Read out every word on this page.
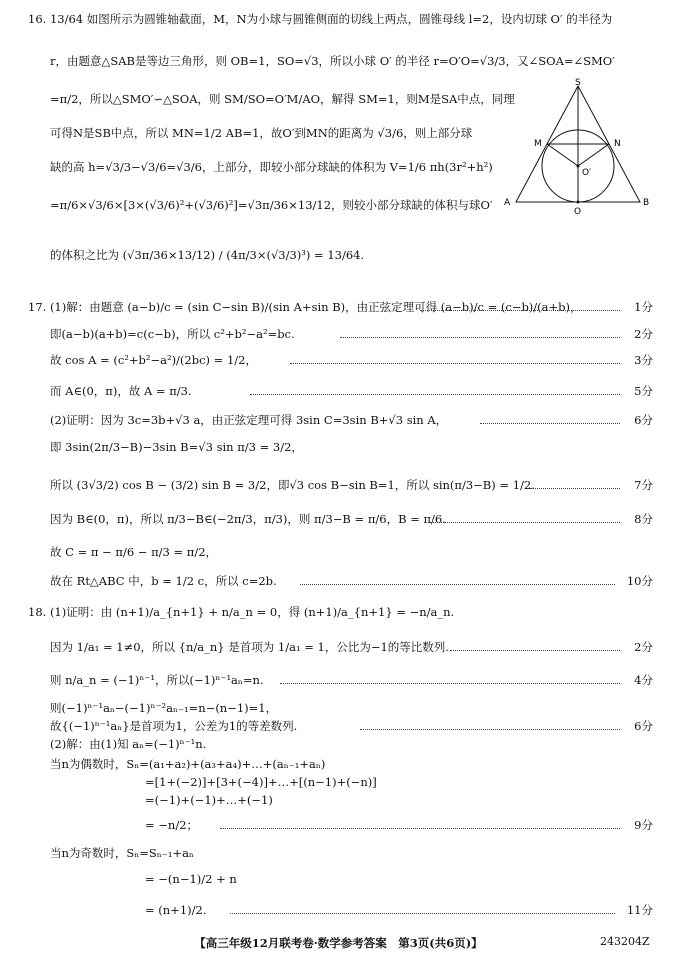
16. 13/64 如图所示为圆锥轴截面，M，N为小球与圆锥侧面的切线上两点，圆锥母线 l=2，设内切球 O′ 的半径为
r，由题意△SAB是等边三角形，则 OB=1，SO=√3，所以小球 O′ 的半径 r=O′O=√3/3，又∠SOA=∠SMO′
=π/2，所以△SMO′∽△SOA，则 SM/SO=O′M/AO，解得 SM=1，则M是SA中点，同理
可得N是SB中点，所以 MN=1/2 AB=1，故O′到MN的距离为 √3/6，则上部分球
缺的高 h=√3/3−√3/6=√3/6，上部分，即较小部分球缺的体积为 V=1/6 πh(3r²+h²)
=π/6×√3/6×[3×(√3/6)²+(√3/6)²]=√3π/36×13/12，则较小部分球缺的体积与球O′
的体积之比为 (√3π/36×13/12) / (4π/3×(√3/3)³) = 13/64.
S
M	N
O′
A
O
B
17. (1)解：由题意 (a−b)/c = (sin C−sin B)/(sin A+sin B)，由正弦定理可得 (a−b)/c = (c−b)/(a+b)，	1分
即(a−b)(a+b)=c(c−b)，所以 c²+b²−a²=bc.	2分
故 cos A = (c²+b²−a²)/(2bc) = 1/2，	3分
而 A∈(0，π)，故 A = π/3.	5分
(2)证明：因为 3c=3b+√3 a，由正弦定理可得 3sin C=3sin B+√3 sin A，	6分
即 3sin(2π/3−B)−3sin B=√3 sin π/3 = 3/2，
所以 (3√3/2) cos B − (3/2) sin B = 3/2，即√3 cos B−sin B=1，所以 sin(π/3−B) = 1/2.	7分
因为 B∈(0，π)，所以 π/3−B∈(−2π/3，π/3)，则 π/3−B = π/6，B = π/6.	8分
故 C = π − π/6 − π/3 = π/2，
故在 Rt△ABC 中，b = 1/2 c，所以 c=2b.	10分
18. (1)证明：由 (n+1)/a_{n+1} + n/a_n = 0，得 (n+1)/a_{n+1} = −n/a_n.
因为 1/a₁ = 1≠0，所以 {n/a_n} 是首项为 1/a₁ = 1，公比为−1的等比数列.	2分
则 n/a_n = (−1)ⁿ⁻¹，所以(−1)ⁿ⁻¹aₙ=n.	4分
则(−1)ⁿ⁻¹aₙ−(−1)ⁿ⁻²aₙ₋₁=n−(n−1)=1，
故{(−1)ⁿ⁻¹aₙ}是首项为1，公差为1的等差数列.	6分
(2)解：由(1)知 aₙ=(−1)ⁿ⁻¹n.
当n为偶数时，Sₙ=(a₁+a₂)+(a₃+a₄)+…+(aₙ₋₁+aₙ)
=[1+(−2)]+[3+(−4)]+…+[(n−1)+(−n)]
=(−1)+(−1)+…+(−1)
= −n/2；	9分
当n为奇数时，Sₙ=Sₙ₋₁+aₙ
= −(n−1)/2 + n
= (n+1)/2.	11分
【高三年级12月联考卷·数学参考答案　第3页(共6页)】	243204Z
